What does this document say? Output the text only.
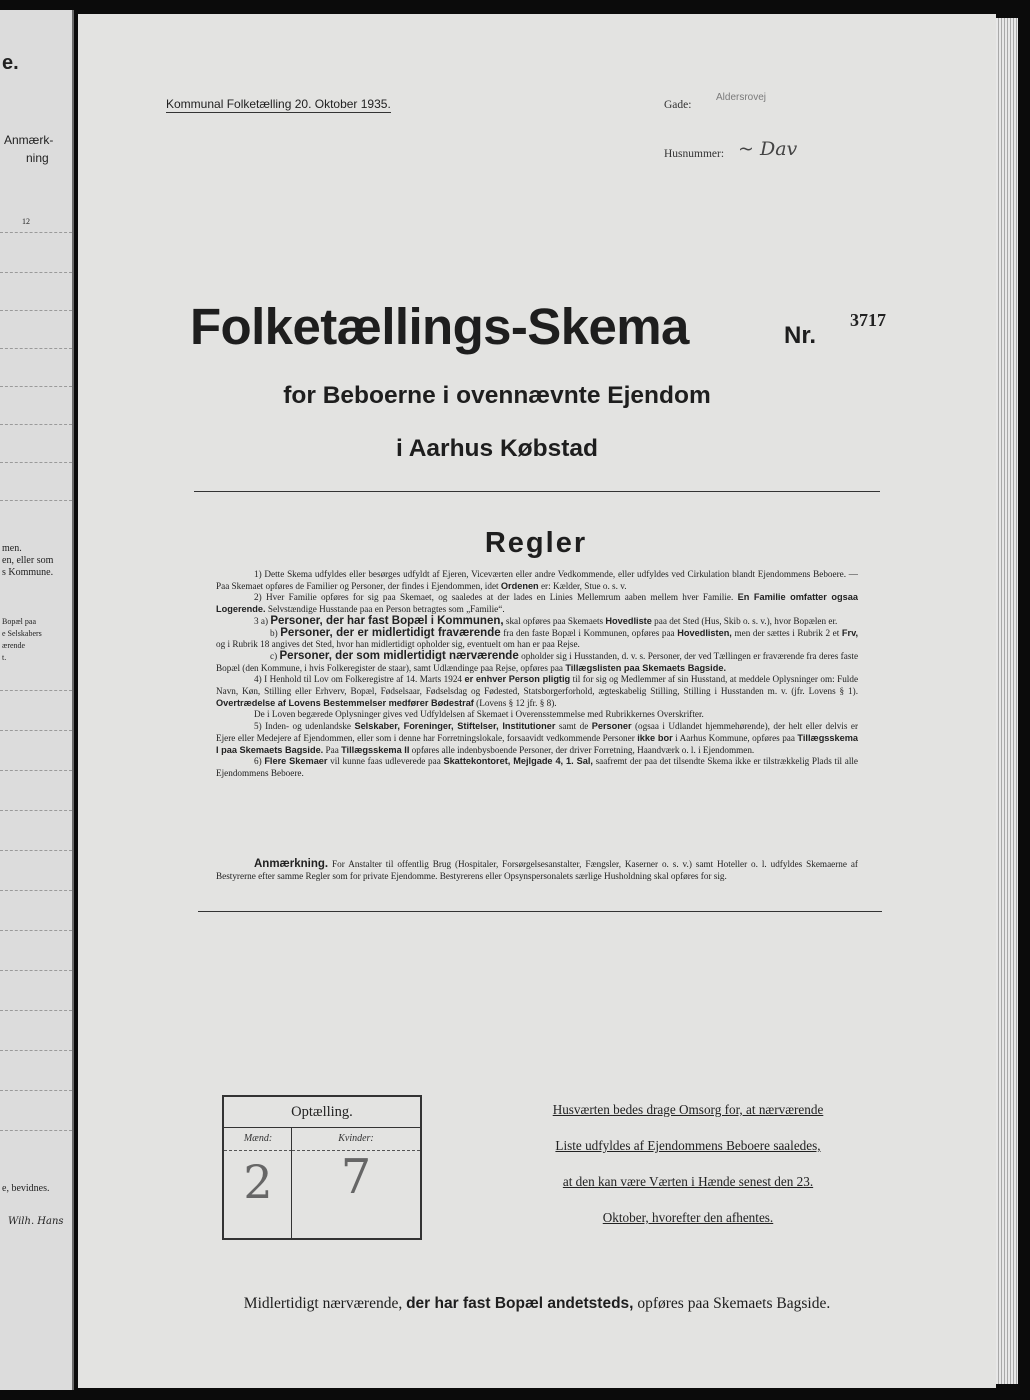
e.
Anmærk-
ning
12
men.
en, eller som
s Kommune.
Bopæl paa
e Selskabers
ærende
t.
e, bevidnes.
Wilh. Hans
Kommunal Folketælling 20. Oktober 1935.	Gade:
Aldersrovej
Husnummer: ~ Dav
Folketællings-Skema	Nr.
3717
for Beboerne i ovennævnte Ejendom
i Aarhus Købstad
Regler

1) Dette Skema udfyldes eller besørges udfyldt af Ejeren, Viceværten eller andre Vedkommende, eller udfyldes ved Cirkulation blandt Ejendommens Beboere. — Paa Skemaet opføres de Familier og Personer, der findes i Ejendommen, idet Ordenen er: Kælder, Stue o. s. v.

2) Hver Familie opføres for sig paa Skemaet, og saaledes at der lades en Linies Mellemrum aaben mellem hver Familie. En Familie omfatter ogsaa Logerende. Selvstændige Husstande paa en Person betragtes som „Familie“.

3 a) Personer, der har fast Bopæl i Kommunen, skal opføres paa Skemaets Hovedliste paa det Sted (Hus, Skib o. s. v.), hvor Bopælen er.

b) Personer, der er midlertidigt fraværende fra den faste Bopæl i Kommunen, opføres paa Hovedlisten, men der sættes i Rubrik 2 et Frv, og i Rubrik 18 angives det Sted, hvor han midlertidigt opholder sig, eventuelt om han er paa Rejse.

c) Personer, der som midlertidigt nærværende opholder sig i Husstanden, d. v. s. Personer, der ved Tællingen er fraværende fra deres faste Bopæl (den Kommune, i hvis Folkeregister de staar), samt Udlændinge paa Rejse, opføres paa Tillægslisten paa Skemaets Bagside.

4) I Henhold til Lov om Folkeregistre af 14. Marts 1924 er enhver Person pligtig til for sig og Medlemmer af sin Husstand, at meddele Oplysninger om: Fulde Navn, Køn, Stilling eller Erhverv, Bopæl, Fødselsaar, Fødselsdag og Fødested, Statsborgerforhold, ægteskabelig Stilling, Stilling i Husstanden m. v. (jfr. Lovens § 1). Overtrædelse af Lovens Bestemmelser medfører Bødestraf (Lovens § 12 jfr. § 8).

De i Loven begærede Oplysninger gives ved Udfyldelsen af Skemaet i Overensstemmelse med Rubrikkernes Overskrifter.

5) Inden- og udenlandske Selskaber, Foreninger, Stiftelser, Institutioner samt de Personer (ogsaa i Udlandet hjemmehørende), der helt eller delvis er Ejere eller Medejere af Ejendommen, eller som i denne har Forretningslokale, forsaavidt vedkommende Personer ikke bor i Aarhus Kommune, opføres paa Tillægsskema I paa Skemaets Bagside. Paa Tillægsskema II opføres alle indenbysboende Personer, der driver Forretning, Haandværk o. l. i Ejendommen.

6) Flere Skemaer vil kunne faas udleverede paa Skattekontoret, Mejlgade 4, 1. Sal, saafremt der paa det tilsendte Skema ikke er tilstrækkelig Plads til alle Ejendommens Beboere.

Anmærkning. For Anstalter til offentlig Brug (Hospitaler, Forsørgelsesanstalter, Fængsler, Kaserner o. s. v.) samt Hoteller o. l. udfyldes Skemaerne af Bestyrerne efter samme Regler som for private Ejendomme. Bestyrerens eller Opsynspersonalets særlige Husholdning skal opføres for sig.

Optælling.
Mænd:	Kvinder:
2	7
Husværten bedes drage Omsorg for, at nærværende
Liste udfyldes af Ejendommens Beboere saaledes,
at den kan være Værten i Hænde senest den 23.
Oktober, hvorefter den afhentes.
Midlertidigt nærværende, der har fast Bopæl andetsteds, opføres paa Skemaets Bagside.
